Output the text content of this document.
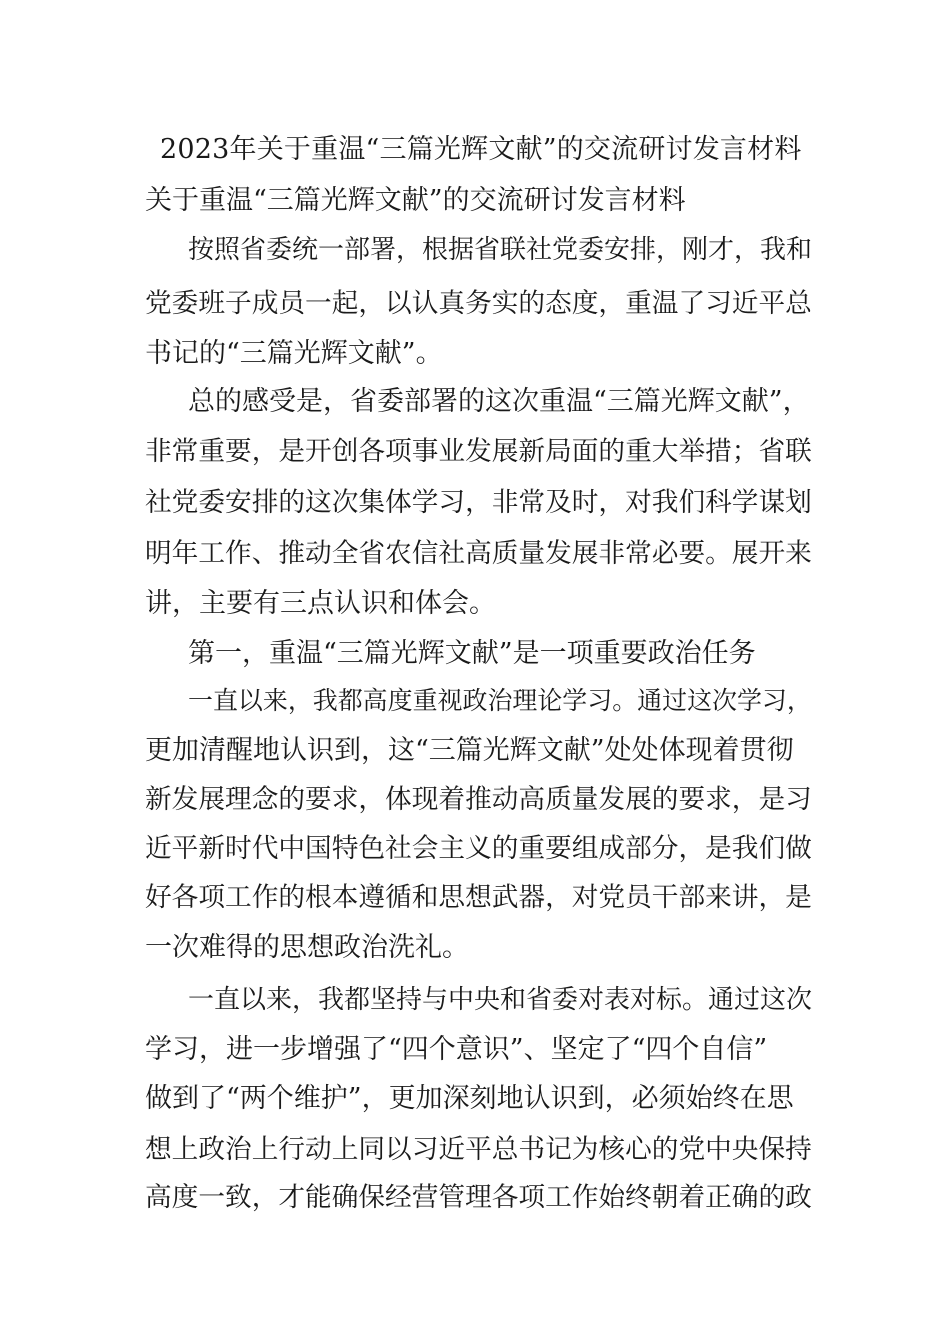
2023年关于重温“三篇光辉文献”的交流研讨发言材料
关于重温“三篇光辉文献”的交流研讨发言材料
按照省委统一部署，根据省联社党委安排，刚才，我和
党委班子成员一起，以认真务实的态度，重温了习近平总
书记的“三篇光辉文献”。
总的感受是，省委部署的这次重温“三篇光辉文献”，
非常重要，是开创各项事业发展新局面的重大举措；省联
社党委安排的这次集体学习，非常及时，对我们科学谋划
明年工作、推动全省农信社高质量发展非常必要。展开来
讲，主要有三点认识和体会。
第一，重温“三篇光辉文献”是一项重要政治任务
一直以来，我都高度重视政治理论学习。通过这次学习，
更加清醒地认识到，这“三篇光辉文献”处处体现着贯彻
新发展理念的要求，体现着推动高质量发展的要求，是习
近平新时代中国特色社会主义的重要组成部分，是我们做
好各项工作的根本遵循和思想武器，对党员干部来讲，是
一次难得的思想政治洗礼。
一直以来，我都坚持与中央和省委对表对标。通过这次
学习，进一步增强了“四个意识”、坚定了“四个自信”
做到了“两个维护”，更加深刻地认识到，必须始终在思
想上政治上行动上同以习近平总书记为核心的党中央保持
高度一致，才能确保经营管理各项工作始终朝着正确的政
